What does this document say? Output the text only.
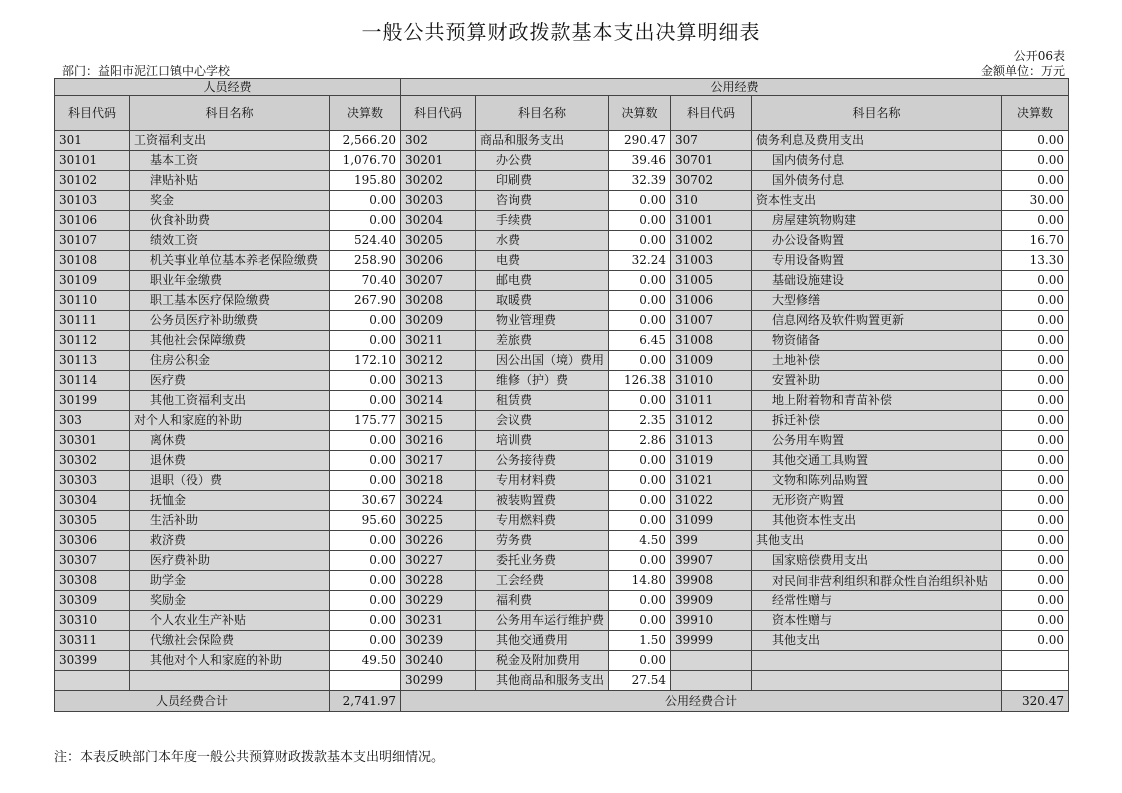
一般公共预算财政拨款基本支出决算明细表
公开06表
部门：益阳市泥江口镇中心学校	金额单位：万元
人员经费			公用经费					
科目代码	科目名称	决算数	科目代码	科目名称	决算数	科目代码	科目名称	决算数
301	工资福利支出	2,566.20	302	商品和服务支出	290.47	307	债务利息及费用支出	0.00
30101	基本工资	1,076.70	30201	办公费	39.46	30701	国内债务付息	0.00
30102	津贴补贴	195.80	30202	印刷费	32.39	30702	国外债务付息	0.00
30103	奖金	0.00	30203	咨询费	0.00	310	资本性支出	30.00
30106	伙食补助费	0.00	30204	手续费	0.00	31001	房屋建筑物购建	0.00
30107	绩效工资	524.40	30205	水费	0.00	31002	办公设备购置	16.70
30108	机关事业单位基本养老保险缴费	258.90	30206	电费	32.24	31003	专用设备购置	13.30
30109	职业年金缴费	70.40	30207	邮电费	0.00	31005	基础设施建设	0.00
30110	职工基本医疗保险缴费	267.90	30208	取暖费	0.00	31006	大型修缮	0.00
30111	公务员医疗补助缴费	0.00	30209	物业管理费	0.00	31007	信息网络及软件购置更新	0.00
30112	其他社会保障缴费	0.00	30211	差旅费	6.45	31008	物资储备	0.00
30113	住房公积金	172.10	30212	因公出国（境）费用	0.00	31009	土地补偿	0.00
30114	医疗费	0.00	30213	维修（护）费	126.38	31010	安置补助	0.00
30199	其他工资福利支出	0.00	30214	租赁费	0.00	31011	地上附着物和青苗补偿	0.00
303	对个人和家庭的补助	175.77	30215	会议费	2.35	31012	拆迁补偿	0.00
30301	离休费	0.00	30216	培训费	2.86	31013	公务用车购置	0.00
30302	退休费	0.00	30217	公务接待费	0.00	31019	其他交通工具购置	0.00
30303	退职（役）费	0.00	30218	专用材料费	0.00	31021	文物和陈列品购置	0.00
30304	抚恤金	30.67	30224	被装购置费	0.00	31022	无形资产购置	0.00
30305	生活补助	95.60	30225	专用燃料费	0.00	31099	其他资本性支出	0.00
30306	救济费	0.00	30226	劳务费	4.50	399	其他支出	0.00
30307	医疗费补助	0.00	30227	委托业务费	0.00	39907	国家赔偿费用支出	0.00
30308	助学金	0.00	30228	工会经费	14.80	39908	对民间非营利组织和群众性自治组织补贴	0.00
30309	奖励金	0.00	30229	福利费	0.00	39909	经常性赠与	0.00
30310	个人农业生产补贴	0.00	30231	公务用车运行维护费	0.00	39910	资本性赠与	0.00
30311	代缴社会保险费	0.00	30239	其他交通费用	1.50	39999	其他支出	0.00
30399	其他对个人和家庭的补助	49.50	30240	税金及附加费用	0.00			
			30299	其他商品和服务支出	27.54			
人员经费合计		2,741.97	公用经费合计					320.47
注：本表反映部门本年度一般公共预算财政拨款基本支出明细情况。
